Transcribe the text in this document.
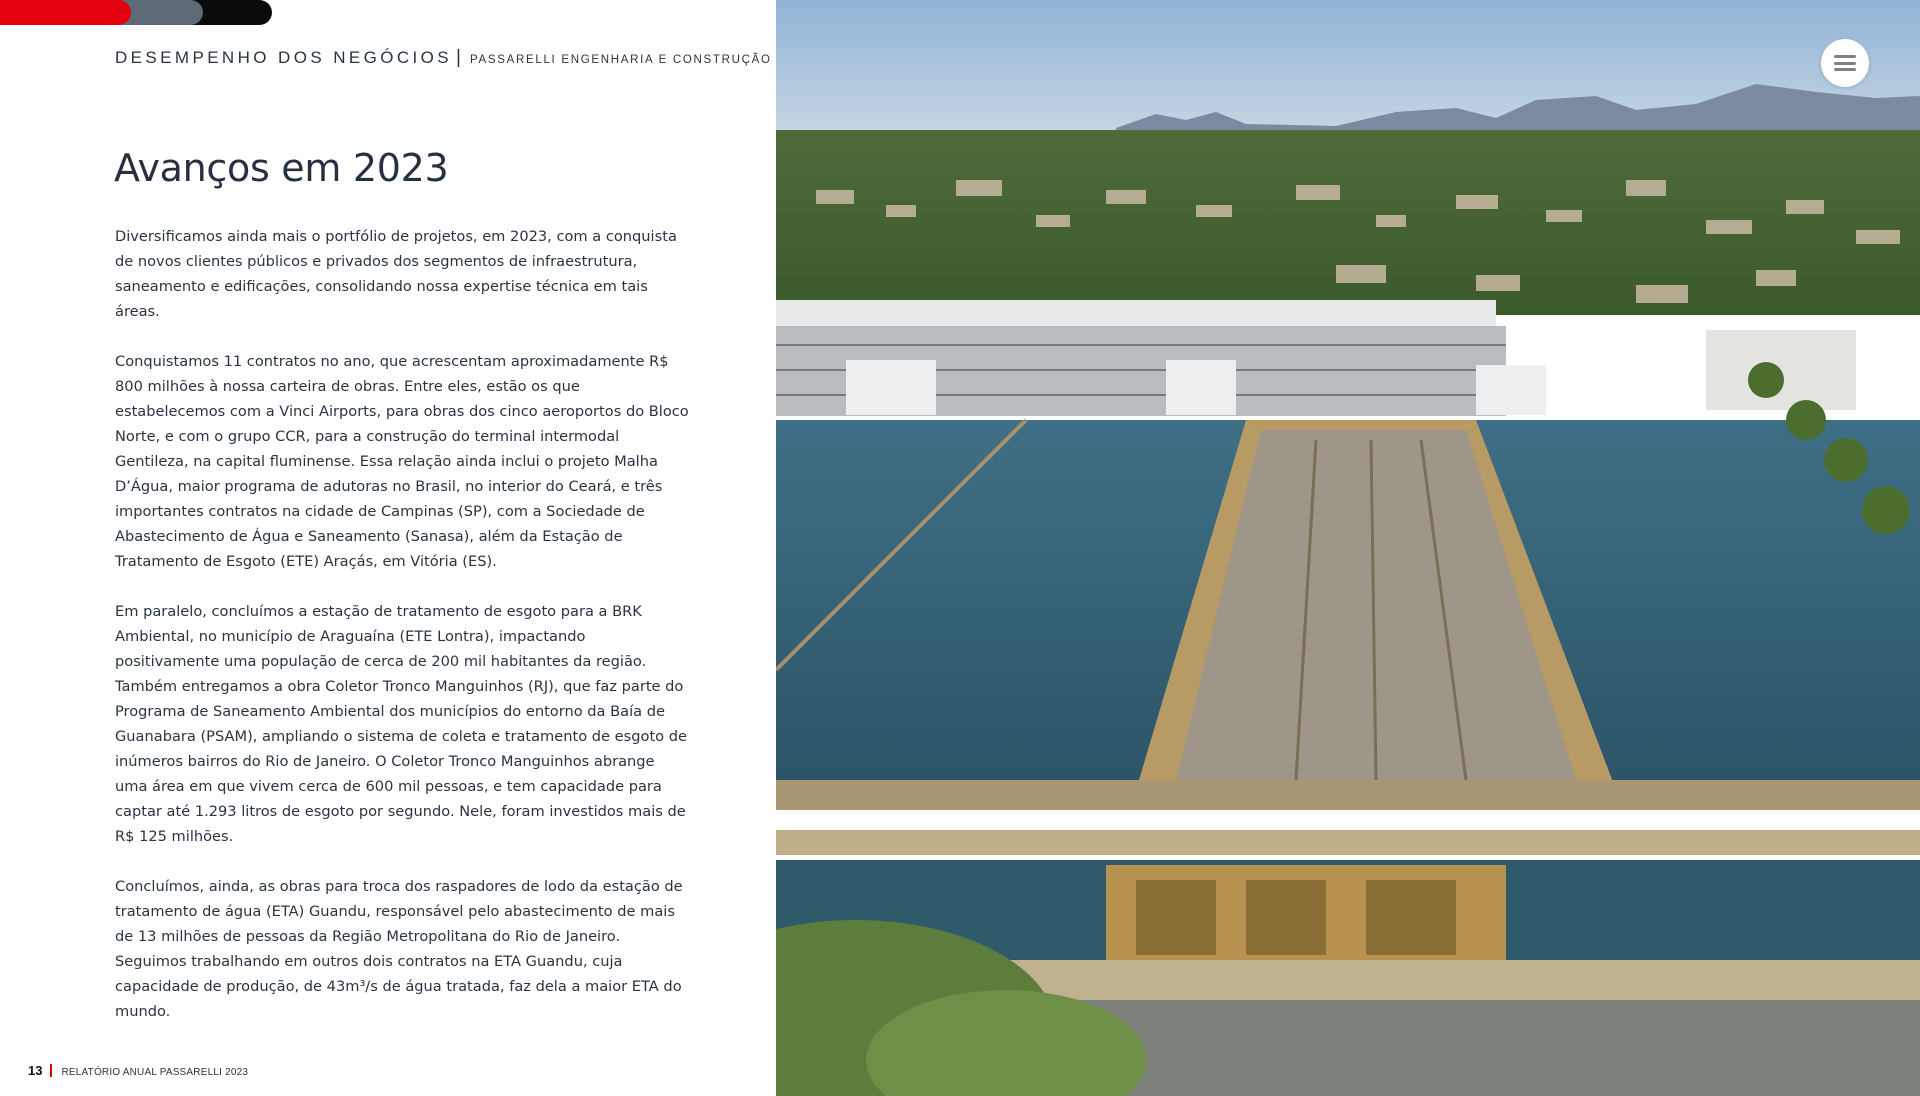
DESEMPENHO DOS NEGÓCIOS | PASSARELLI ENGENHARIA E CONSTRUÇÃO
Avanços em 2023

Diversificamos ainda mais o portfólio de projetos, em 2023, com a conquista de novos clientes públicos e privados dos segmentos de infraestrutura, saneamento e edificações, consolidando nossa expertise técnica em tais áreas.

Conquistamos 11 contratos no ano, que acrescentam aproximadamente R$ 800 milhões à nossa carteira de obras. Entre eles, estão os que estabelecemos com a Vinci Airports, para obras dos cinco aeroportos do Bloco Norte, e com o grupo CCR, para a construção do terminal intermodal Gentileza, na capital fluminense. Essa relação ainda inclui o projeto Malha D’Água, maior programa de adutoras no Brasil, no interior do Ceará, e três importantes contratos na cidade de Campinas (SP), com a Sociedade de Abastecimento de Água e Saneamento (Sanasa), além da Estação de Tratamento de Esgoto (ETE) Araçás, em Vitória (ES).

Em paralelo, concluímos a estação de tratamento de esgoto para a BRK Ambiental, no município de Araguaína (ETE Lontra), impactando positivamente uma população de cerca de 200 mil habitantes da região. Também entregamos a obra Coletor Tronco Manguinhos (RJ), que faz parte do Programa de Saneamento Ambiental dos municípios do entorno da Baía de Guanabara (PSAM), ampliando o sistema de coleta e tratamento de esgoto de inúmeros bairros do Rio de Janeiro. O Coletor Tronco Manguinhos abrange uma área em que vivem cerca de 600 mil pessoas, e tem capacidade para captar até 1.293 litros de esgoto por segundo. Nele, foram investidos mais de R$ 125 milhões.

Concluímos, ainda, as obras para troca dos raspadores de lodo da estação de tratamento de água (ETA) Guandu, responsável pelo abastecimento de mais de 13 milhões de pessoas da Região Metropolitana do Rio de Janeiro. Seguimos trabalhando em outros dois contratos na ETA Guandu, cuja capacidade de produção, de 43m³/s de água tratada, faz dela a maior ETA do mundo.

13 RELATÓRIO ANUAL PASSARELLI 2023
